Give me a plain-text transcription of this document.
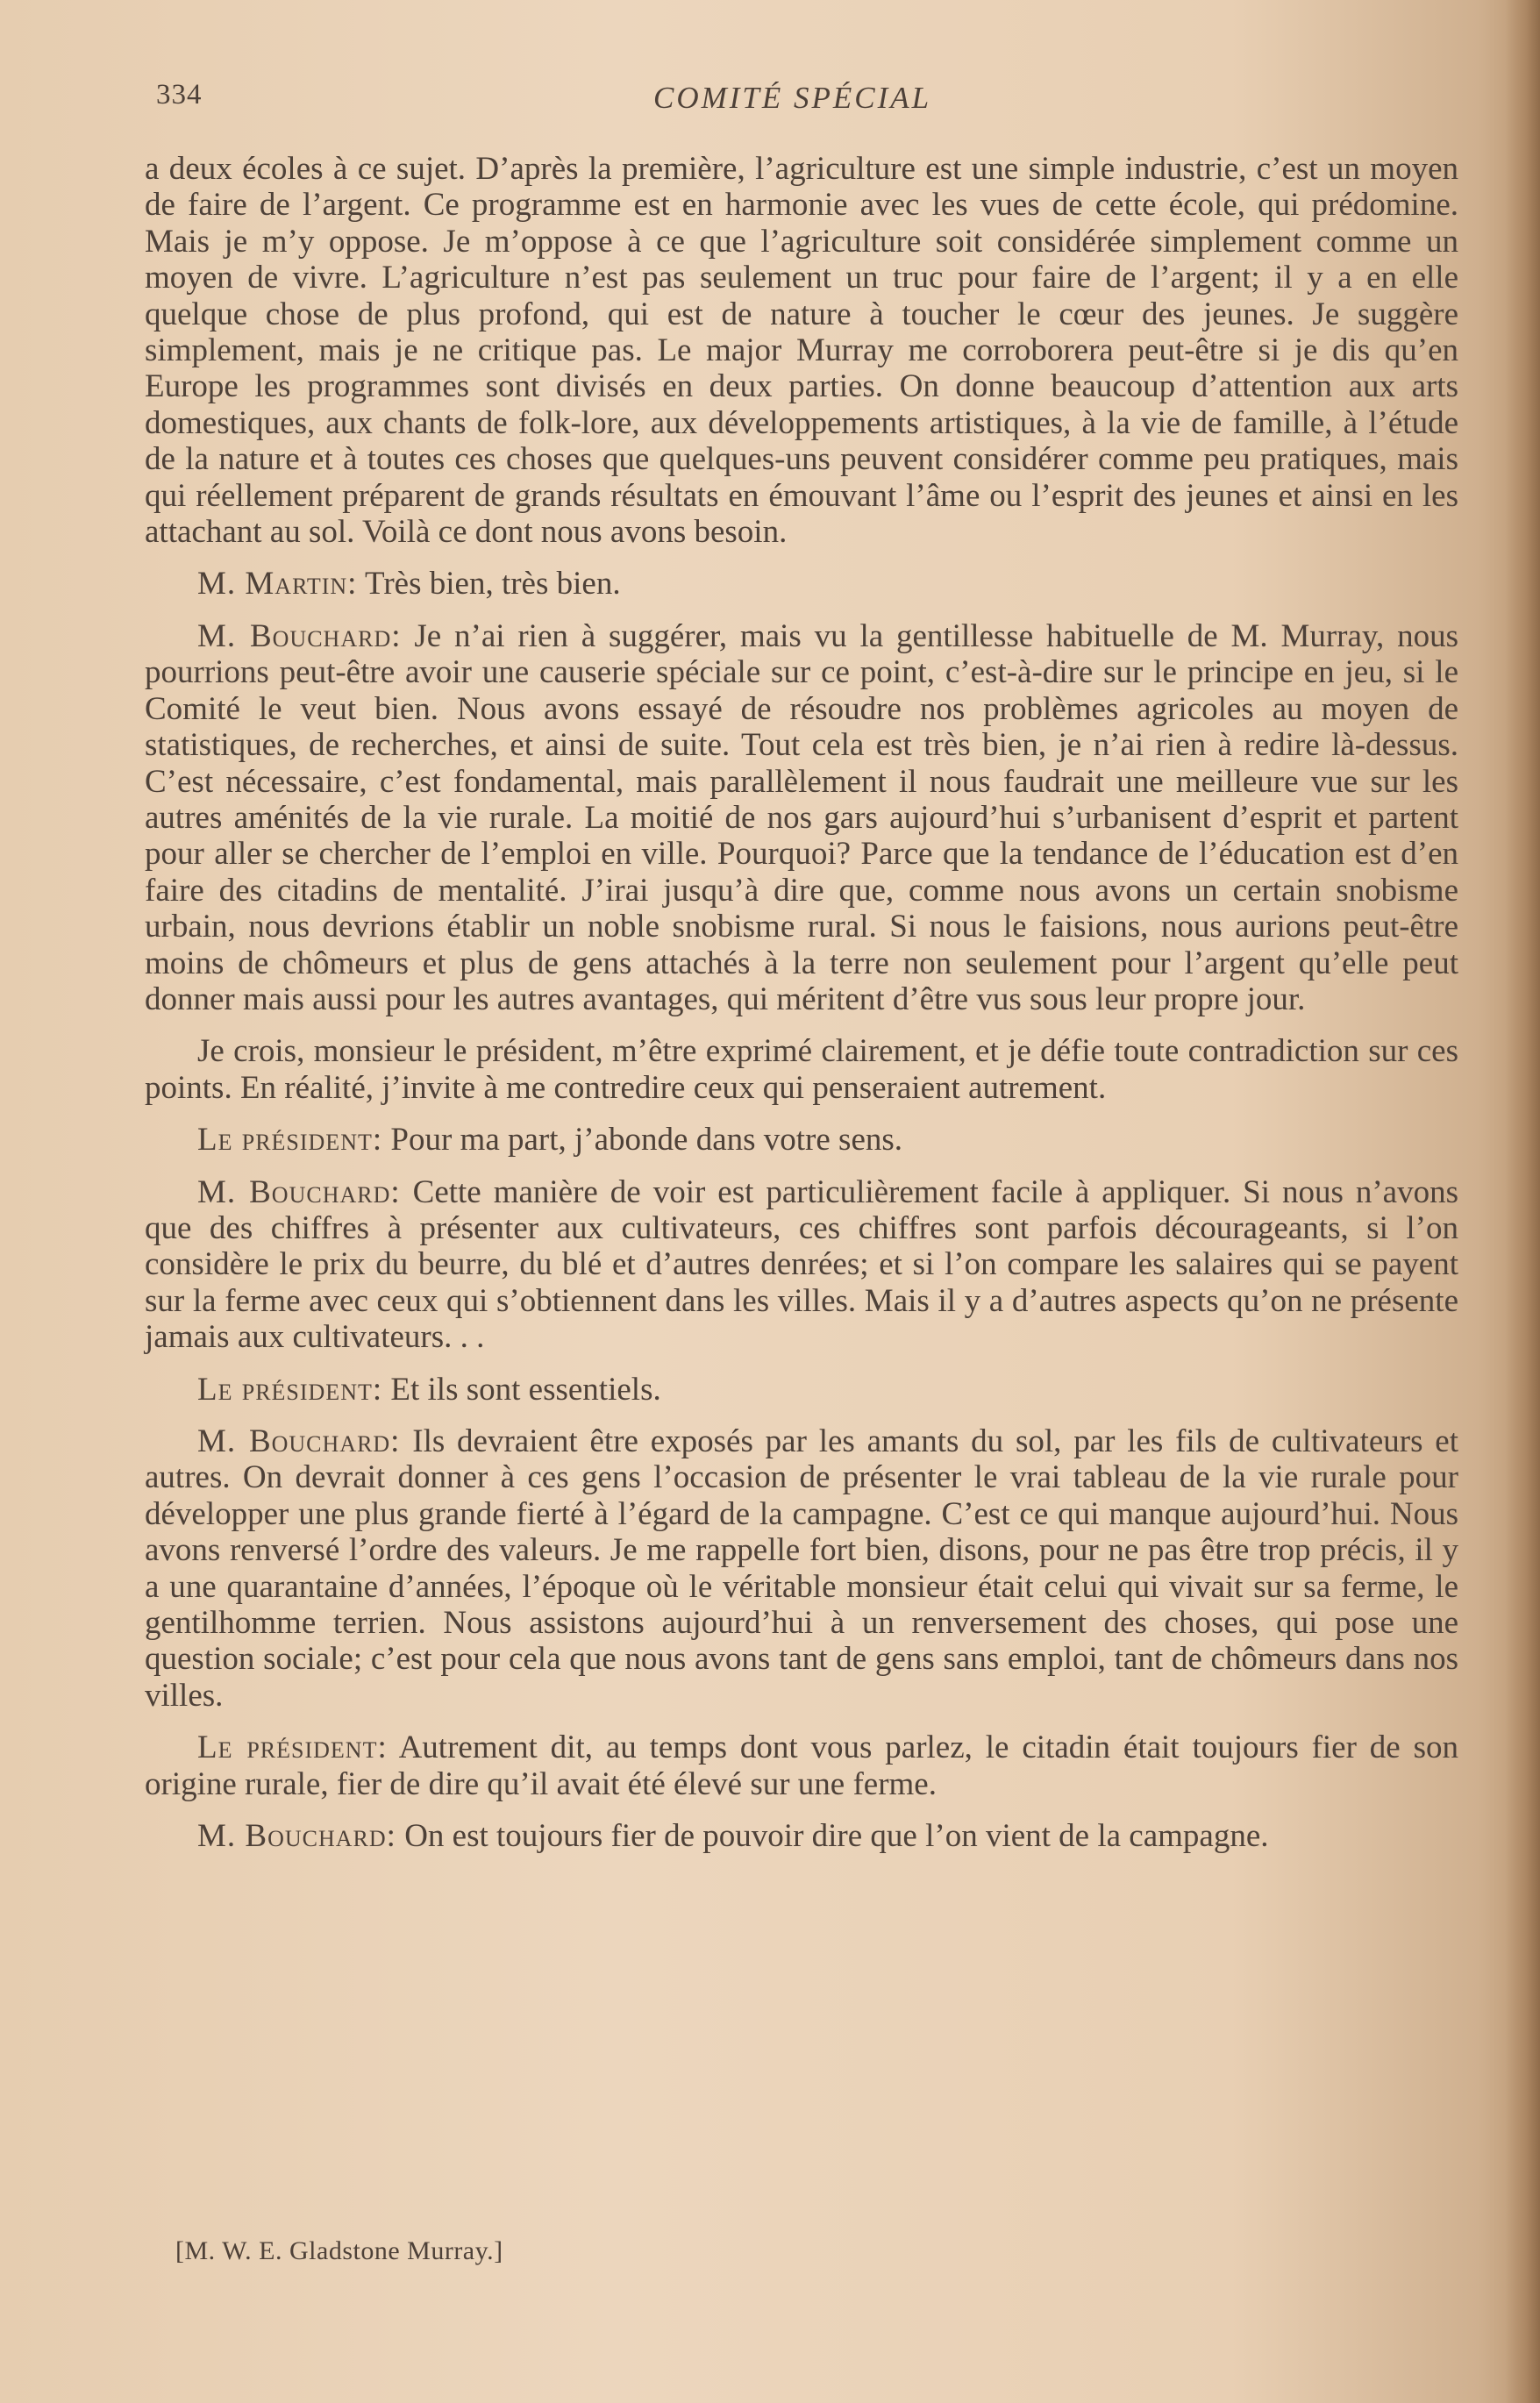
334	COMITÉ SPÉCIAL

a deux écoles à ce sujet. D’après la première, l’agriculture est une simple industrie, c’est un moyen de faire de l’argent. Ce programme est en harmonie avec les vues de cette école, qui prédomine. Mais je m’y oppose. Je m’oppose à ce que l’agriculture soit considérée simplement comme un moyen de vivre. L’agriculture n’est pas seulement un truc pour faire de l’argent; il y a en elle quelque chose de plus profond, qui est de nature à toucher le cœur des jeunes. Je suggère simplement, mais je ne critique pas. Le major Murray me corroborera peut-être si je dis qu’en Europe les programmes sont divisés en deux parties. On donne beaucoup d’attention aux arts domestiques, aux chants de folk-lore, aux développements artistiques, à la vie de famille, à l’étude de la nature et à toutes ces choses que quelques-uns peuvent considérer comme peu pratiques, mais qui réellement préparent de grands résultats en émouvant l’âme ou l’esprit des jeunes et ainsi en les attachant au sol. Voilà ce dont nous avons besoin.

M. Martin: Très bien, très bien.

M. Bouchard: Je n’ai rien à suggérer, mais vu la gentillesse habituelle de M. Murray, nous pourrions peut-être avoir une causerie spéciale sur ce point, c’est-à-dire sur le principe en jeu, si le Comité le veut bien. Nous avons essayé de résoudre nos problèmes agricoles au moyen de statistiques, de recherches, et ainsi de suite. Tout cela est très bien, je n’ai rien à redire là-dessus. C’est nécessaire, c’est fondamental, mais parallèlement il nous faudrait une meilleure vue sur les autres aménités de la vie rurale. La moitié de nos gars aujourd’hui s’urbanisent d’esprit et partent pour aller se chercher de l’emploi en ville. Pourquoi? Parce que la tendance de l’éducation est d’en faire des citadins de mentalité. J’irai jusqu’à dire que, comme nous avons un certain snobisme urbain, nous devrions établir un noble snobisme rural. Si nous le faisions, nous aurions peut-être moins de chômeurs et plus de gens attachés à la terre non seulement pour l’argent qu’elle peut donner mais aussi pour les autres avantages, qui méritent d’être vus sous leur propre jour.

Je crois, monsieur le président, m’être exprimé clairement, et je défie toute contradiction sur ces points. En réalité, j’invite à me contredire ceux qui penseraient autrement.

Le président: Pour ma part, j’abonde dans votre sens.

M. Bouchard: Cette manière de voir est particulièrement facile à appliquer. Si nous n’avons que des chiffres à présenter aux cultivateurs, ces chiffres sont parfois décourageants, si l’on considère le prix du beurre, du blé et d’autres denrées; et si l’on compare les salaires qui se payent sur la ferme avec ceux qui s’obtiennent dans les villes. Mais il y a d’autres aspects qu’on ne présente jamais aux cultivateurs. . .

Le président: Et ils sont essentiels.

M. Bouchard: Ils devraient être exposés par les amants du sol, par les fils de cultivateurs et autres. On devrait donner à ces gens l’occasion de présenter le vrai tableau de la vie rurale pour développer une plus grande fierté à l’égard de la campagne. C’est ce qui manque aujourd’hui. Nous avons renversé l’ordre des valeurs. Je me rappelle fort bien, disons, pour ne pas être trop précis, il y a une quarantaine d’années, l’époque où le véritable monsieur était celui qui vivait sur sa ferme, le gentilhomme terrien. Nous assistons aujourd’hui à un renversement des choses, qui pose une question sociale; c’est pour cela que nous avons tant de gens sans emploi, tant de chômeurs dans nos villes.

Le président: Autrement dit, au temps dont vous parlez, le citadin était toujours fier de son origine rurale, fier de dire qu’il avait été élevé sur une ferme.

M. Bouchard: On est toujours fier de pouvoir dire que l’on vient de la campagne.

[M. W. E. Gladstone Murray.]
